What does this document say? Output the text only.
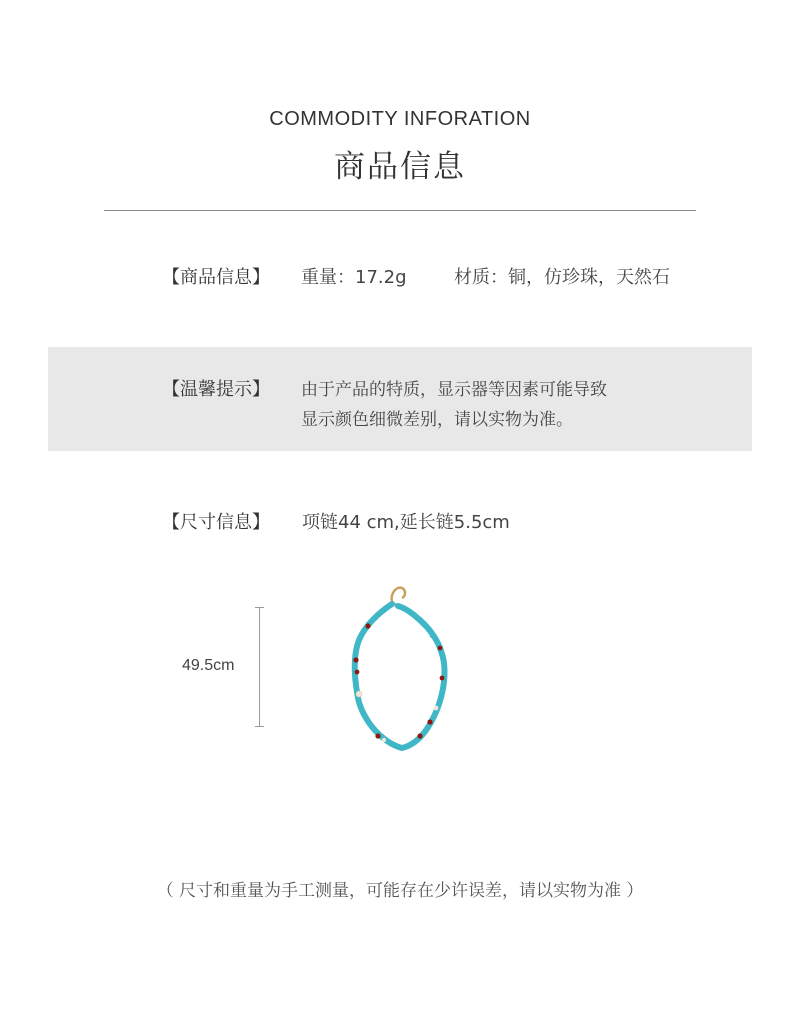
COMMODITY INFORATION
商品信息
【商品信息】 重量：17.2g	材质：铜，仿珍珠，天然石
【温馨提示】 由于产品的特质，显示器等因素可能导致
显示颜色细微差别，请以实物为准。
【尺寸信息】 项链44 cm,延长链5.5cm
49.5cm
（ 尺寸和重量为手工测量，可能存在少许误差，请以实物为准 ）
